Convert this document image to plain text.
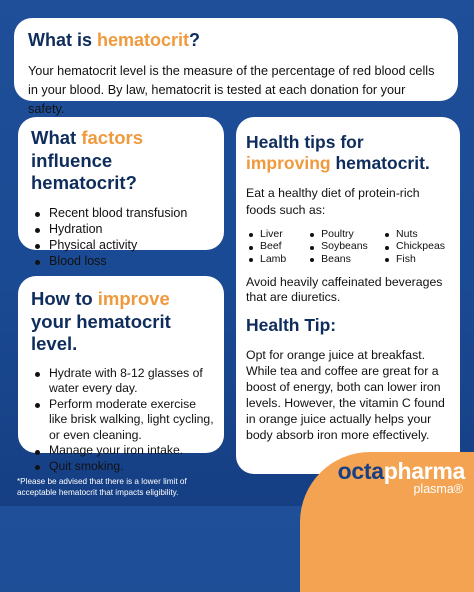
What is hematocrit?

Your hematocrit level is the measure of the percentage of red blood cells in your blood. By law, hematocrit is tested at each donation for your safety.

What factors influence hematocrit?
Recent blood transfusion
Hydration
Physical activity
Blood loss
Health tips for improving hematocrit.

Eat a healthy diet of protein-rich foods such as:

Liver
Beef
Lamb
Poultry
Soybeans
Beans
Nuts
Chickpeas
Fish

Avoid heavily caffeinated beverages that are diuretics.

Health Tip:

Opt for orange juice at breakfast. While tea and coffee are great for a boost of energy, both can lower iron levels. However, the vitamin C found in orange juice actually helps your body absorb iron more effectively.

How to improve your hematocrit level.
Hydrate with 8-12 glasses of water every day.
Perform moderate exercise like brisk walking, light cycling, or even cleaning.
Manage your iron intake.
Quit smoking.
*Please be advised that there is a lower limit of acceptable hematocrit that impacts eligibility.
octapharma
plasma®
